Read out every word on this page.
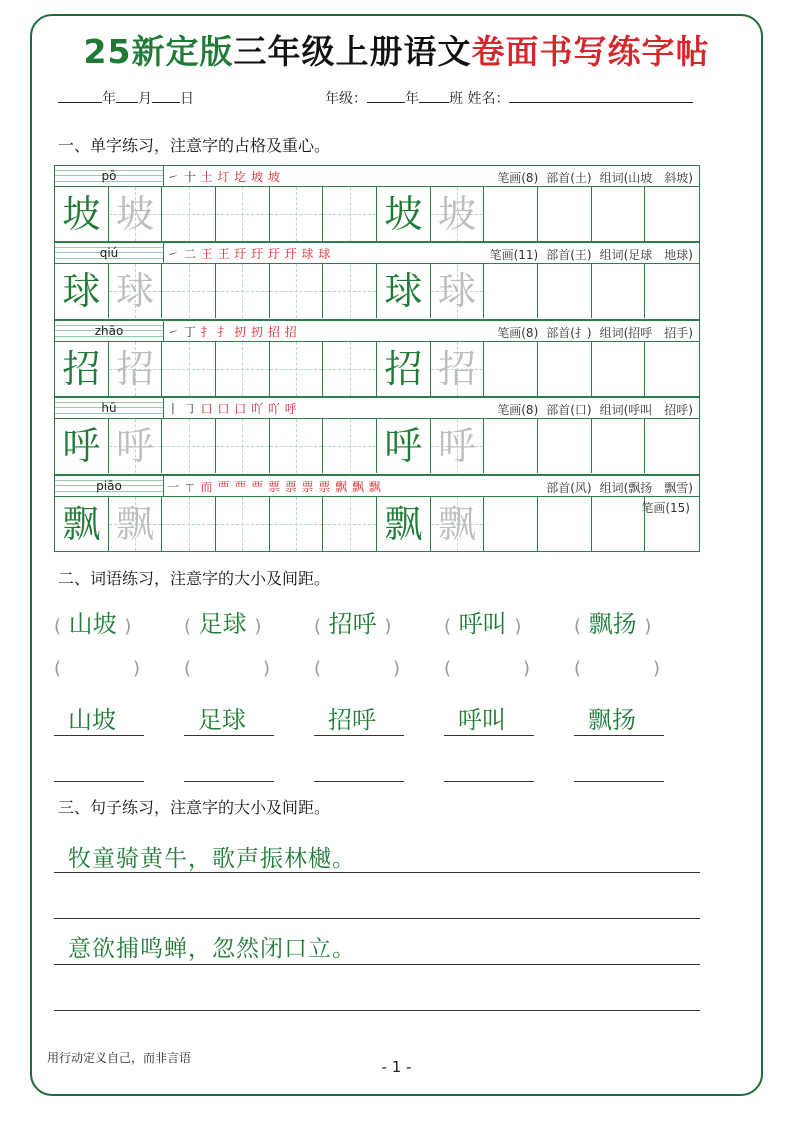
25新定版三年级上册语文卷面书写练字帖
年 月 日	年级：	年 班 姓名：
一、单字练习，注意字的占格及重心。
pō	㇀ 十 土 圢 圪 坡 坡	笔画(8) 部首(土) 组词(山坡　斜坡)
坡 坡	坡 坡
qiú	㇀ 二 王 王 玗 玗 玗 玗 球 球	笔画(11) 部首(王) 组词(足球　地球)
球 球	球 球
zhāo	㇀ 丁 扌 扌 扨 扨 招 招	笔画(8) 部首(扌) 组词(招呼　招手)
招 招	招 招
hū	丨 ㇆ 口 口 口 吖 吖 呼	笔画(8) 部首(口) 组词(呼叫　招呼)
呼 呼	呼 呼
piāo	一 ㄒ 而 覀 覀 覀 票 票 票 票 飘 飘 飘	部首(风) 组词(飘扬　飘雪)
飘 飘	飘 飘	笔画(15)
二、词语练习，注意字的大小及间距。
( 山坡 )
(	)
山坡
( 足球 )
(	)
足球
( 招呼 )
(	)
招呼
( 呼叫 )
(	)
呼叫
( 飘扬 )
(	)
飘扬
三、句子练习，注意字的大小及间距。
牧童骑黄牛，歌声振林樾。
意欲捕鸣蝉，忽然闭口立。
用行动定义自己，而非言语	- 1 -
